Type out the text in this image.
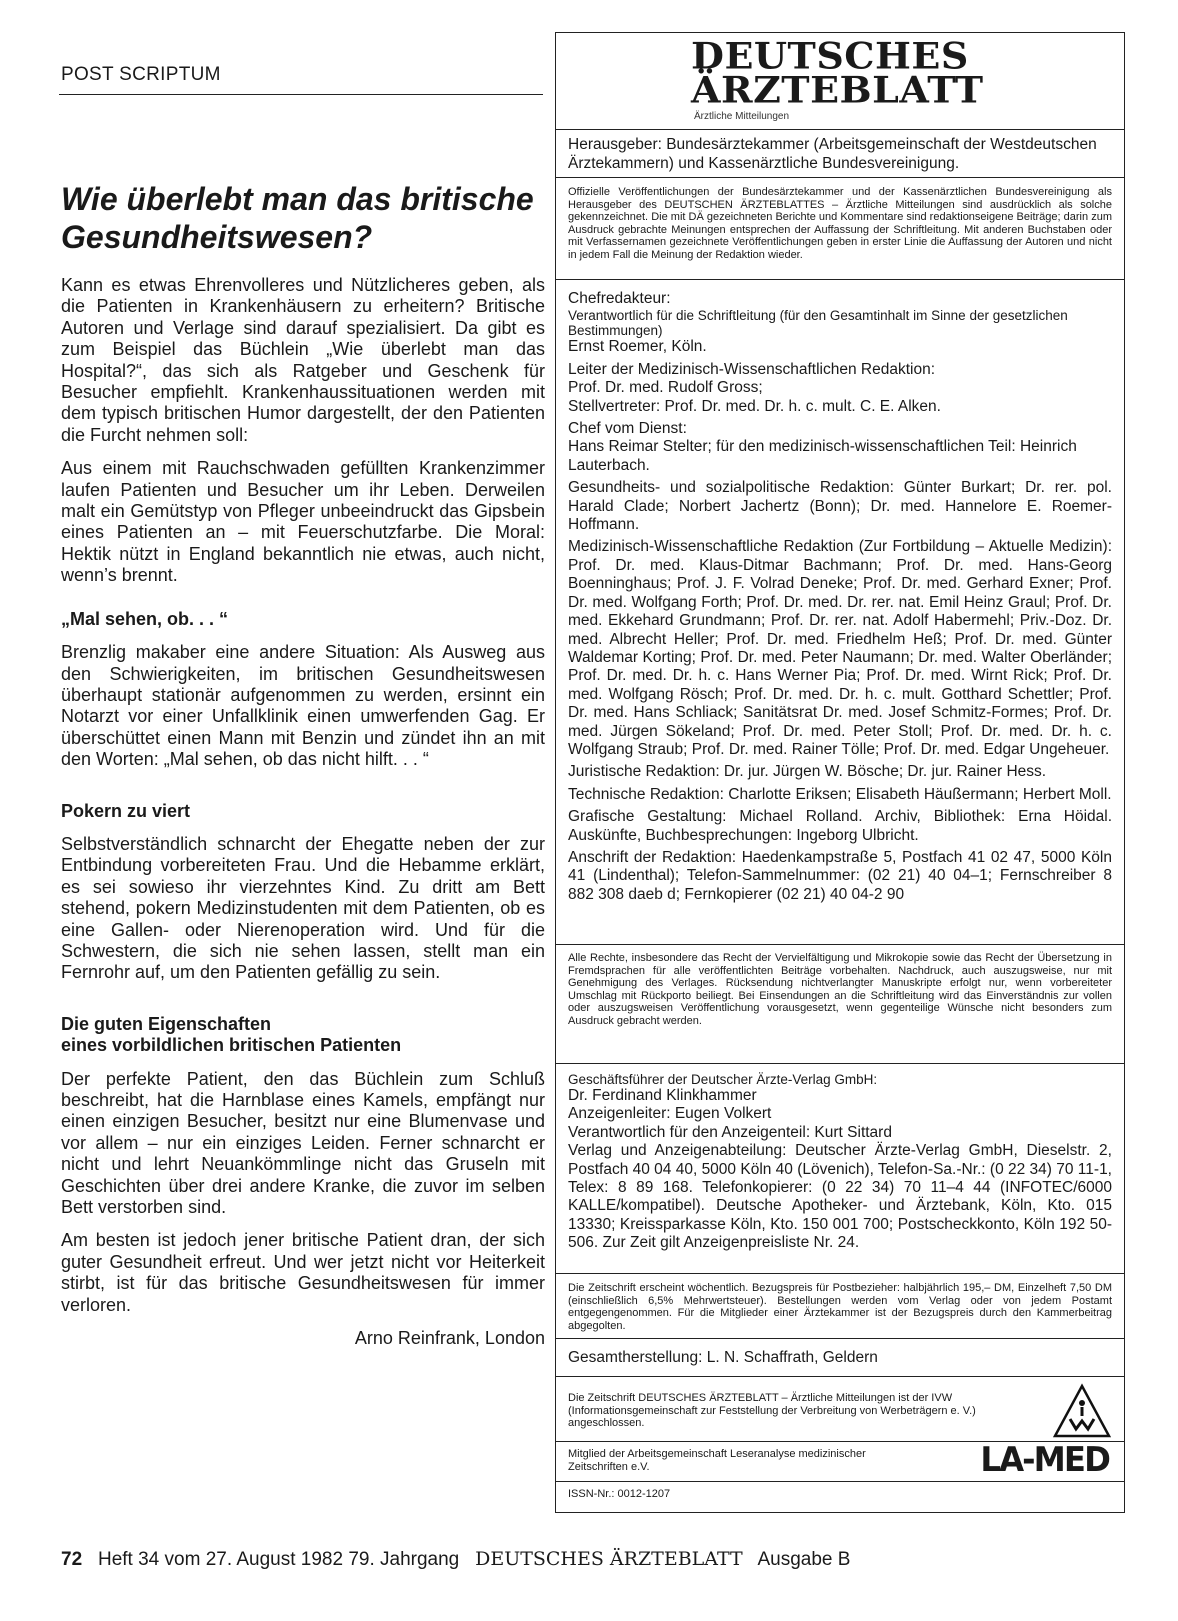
POST SCRIPTUM
Wie überlebt man das britische Gesundheitswesen?

Kann es etwas Ehrenvolleres und Nützlicheres geben, als die Patienten in Krankenhäusern zu erheitern? Britische Autoren und Verlage sind darauf spezialisiert. Da gibt es zum Beispiel das Büchlein „Wie überlebt man das Hospital?“, das sich als Ratgeber und Geschenk für Besucher empfiehlt. Krankenhaussituationen werden mit dem typisch britischen Humor dargestellt, der den Patienten die Furcht nehmen soll:

Aus einem mit Rauchschwaden gefüllten Krankenzimmer laufen Patienten und Besucher um ihr Leben. Derweilen malt ein Gemütstyp von Pfleger unbeeindruckt das Gipsbein eines Patienten an – mit Feuerschutzfarbe. Die Moral: Hektik nützt in England bekanntlich nie etwas, auch nicht, wenn’s brennt.

„Mal sehen, ob. . . “

Brenzlig makaber eine andere Situation: Als Ausweg aus den Schwierigkeiten, im britischen Gesundheitswesen überhaupt stationär aufgenommen zu werden, ersinnt ein Notarzt vor einer Unfallklinik einen umwerfenden Gag. Er überschüttet einen Mann mit Benzin und zündet ihn an mit den Worten: „Mal sehen, ob das nicht hilft. . . “

Pokern zu viert

Selbstverständlich schnarcht der Ehegatte neben der zur Entbindung vorbereiteten Frau. Und die Hebamme erklärt, es sei sowieso ihr vierzehntes Kind. Zu dritt am Bett stehend, pokern Medizinstudenten mit dem Patienten, ob es eine Gallen- oder Nierenoperation wird. Und für die Schwestern, die sich nie sehen lassen, stellt man ein Fernrohr auf, um den Patienten gefällig zu sein.

Die guten Eigenschaften
eines vorbildlichen britischen Patienten

Der perfekte Patient, den das Büchlein zum Schluß beschreibt, hat die Harnblase eines Kamels, empfängt nur einen einzigen Besucher, besitzt nur eine Blumenvase und vor allem – nur ein einziges Leiden. Ferner schnarcht er nicht und lehrt Neuankömmlinge nicht das Gruseln mit Geschichten über drei andere Kranke, die zuvor im selben Bett verstorben sind.

Am besten ist jedoch jener britische Patient dran, der sich guter Gesundheit erfreut. Und wer jetzt nicht vor Heiterkeit stirbt, ist für das britische Gesundheitswesen für immer verloren.

Arno Reinfrank, London
DEUTSCHES
ÄRZTEBLATT
Ärztliche Mitteilungen
Herausgeber: Bundesärztekammer (Arbeitsgemeinschaft der Westdeutschen Ärztekammern) und Kassenärztliche Bundesvereinigung.
Offizielle Veröffentlichungen der Bundesärztekammer und der Kassenärztlichen Bundesvereinigung als Herausgeber des DEUTSCHEN ÄRZTEBLATTES – Ärztliche Mitteilungen sind ausdrücklich als solche gekennzeichnet. Die mit DÄ gezeichneten Berichte und Kommentare sind redaktionseigene Beiträge; darin zum Ausdruck gebrachte Meinungen entsprechen der Auffassung der Schriftleitung. Mit anderen Buchstaben oder mit Verfassernamen gezeichnete Veröffentlichungen geben in erster Linie die Auffassung der Autoren und nicht in jedem Fall die Meinung der Redaktion wieder.
Chefredakteur:
Verantwortlich für die Schriftleitung (für den Gesamtinhalt im Sinne der gesetzlichen Bestimmungen)
Ernst Roemer, Köln.
Leiter der Medizinisch-Wissenschaftlichen Redaktion:
Prof. Dr. med. Rudolf Gross;
Stellvertreter: Prof. Dr. med. Dr. h. c. mult. C. E. Alken.
Chef vom Dienst:
Hans Reimar Stelter; für den medizinisch-wissenschaftlichen Teil: Heinrich Lauterbach.
Gesundheits- und sozialpolitische Redaktion: Günter Burkart; Dr. rer. pol. Harald Clade; Norbert Jachertz (Bonn); Dr. med. Hannelore E. Roemer-Hoffmann.
Medizinisch-Wissenschaftliche Redaktion (Zur Fortbildung – Aktuelle Medizin): Prof. Dr. med. Klaus-Ditmar Bachmann; Prof. Dr. med. Hans-Georg Boenninghaus; Prof. J. F. Volrad Deneke; Prof. Dr. med. Gerhard Exner; Prof. Dr. med. Wolfgang Forth; Prof. Dr. med. Dr. rer. nat. Emil Heinz Graul; Prof. Dr. med. Ekkehard Grundmann; Prof. Dr. rer. nat. Adolf Habermehl; Priv.-Doz. Dr. med. Albrecht Heller; Prof. Dr. med. Friedhelm Heß; Prof. Dr. med. Günter Waldemar Korting; Prof. Dr. med. Peter Naumann; Dr. med. Walter Oberländer; Prof. Dr. med. Dr. h. c. Hans Werner Pia; Prof. Dr. med. Wirnt Rick; Prof. Dr. med. Wolfgang Rösch; Prof. Dr. med. Dr. h. c. mult. Gotthard Schettler; Prof. Dr. med. Hans Schliack; Sanitätsrat Dr. med. Josef Schmitz-Formes; Prof. Dr. med. Jürgen Sökeland; Prof. Dr. med. Peter Stoll; Prof. Dr. med. Dr. h. c. Wolfgang Straub; Prof. Dr. med. Rainer Tölle; Prof. Dr. med. Edgar Ungeheuer.
Juristische Redaktion: Dr. jur. Jürgen W. Bösche; Dr. jur. Rainer Hess.
Technische Redaktion: Charlotte Eriksen; Elisabeth Häußermann; Herbert Moll.
Grafische Gestaltung: Michael Rolland. Archiv, Bibliothek: Erna Höidal. Auskünfte, Buchbesprechungen: Ingeborg Ulbricht.
Anschrift der Redaktion: Haedenkampstraße 5, Postfach 41 02 47, 5000 Köln 41 (Lindenthal); Telefon-Sammelnummer: (02 21) 40 04–1; Fernschreiber 8 882 308 daeb d; Fernkopierer (02 21) 40 04-2 90
Alle Rechte, insbesondere das Recht der Vervielfältigung und Mikrokopie sowie das Recht der Übersetzung in Fremdsprachen für alle veröffentlichten Beiträge vorbehalten. Nachdruck, auch auszugsweise, nur mit Genehmigung des Verlages. Rücksendung nichtverlangter Manuskripte erfolgt nur, wenn vorbereiteter Umschlag mit Rückporto beiliegt. Bei Einsendungen an die Schriftleitung wird das Einverständnis zur vollen oder auszugsweisen Veröffentlichung vorausgesetzt, wenn gegenteilige Wünsche nicht besonders zum Ausdruck gebracht werden.
Geschäftsführer der Deutscher Ärzte-Verlag GmbH:
Dr. Ferdinand Klinkhammer
Anzeigenleiter: Eugen Volkert
Verantwortlich für den Anzeigenteil: Kurt Sittard
Verlag und Anzeigenabteilung: Deutscher Ärzte-Verlag GmbH, Dieselstr. 2, Postfach 40 04 40, 5000 Köln 40 (Lövenich), Telefon-Sa.-Nr.: (0 22 34) 70 11-1, Telex: 8 89 168. Telefonkopierer: (0 22 34) 70 11–4 44 (INFOTEC/6000 KALLE/kompatibel). Deutsche Apotheker- und Ärztebank, Köln, Kto. 015 13330; Kreissparkasse Köln, Kto. 150 001 700; Postscheckkonto, Köln 192 50-506. Zur Zeit gilt Anzeigenpreisliste Nr. 24.
Die Zeitschrift erscheint wöchentlich. Bezugspreis für Postbezieher: halbjährlich 195,– DM, Einzelheft 7,50 DM (einschließlich 6,5% Mehrwertsteuer). Bestellungen werden vom Verlag oder von jedem Postamt entgegengenommen. Für die Mitglieder einer Ärztekammer ist der Bezugspreis durch den Kammerbeitrag abgegolten.
Gesamtherstellung: L. N. Schaffrath, Geldern
Die Zeitschrift DEUTSCHES ÄRZTEBLATT – Ärztliche Mitteilungen ist der IVW (Informationsgemeinschaft zur Feststellung der Verbreitung von Werbeträgern e. V.) angeschlossen.
Mitglied der Arbeitsgemeinschaft Leseranalyse medizinischer Zeitschriften e.V.	LA-MED
ISSN-Nr.: 0012-1207
72 Heft 34 vom 27. August 1982 79. Jahrgang DEUTSCHES ÄRZTEBLATT Ausgabe B
